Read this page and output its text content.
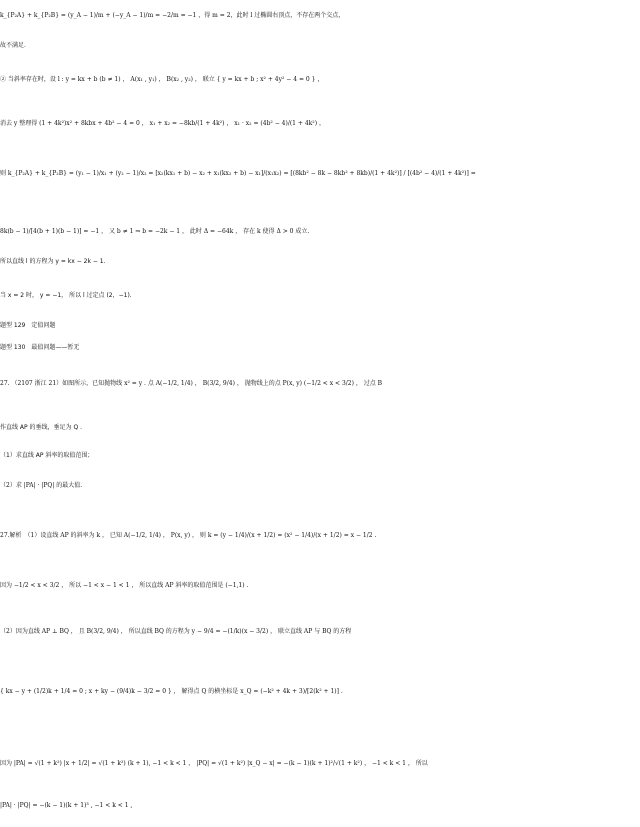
k_{P₂A} + k_{P₂B} = (y_A − 1)/m + (−y_A − 1)/m = −2/m = −1 ，得 m = 2，此时 l 过椭圆右顶点，不存在两个交点，
故不满足.
② 当斜率存在时，设 l : y = kx + b (b ≠ 1) ， A(x₁ , y₁) ， B(x₂ , y₂) ， 联立 { y = kx + b ; x² + 4y² − 4 = 0 } ，
消去 y 整理得 (1 + 4k²)x² + 8kbx + 4b² − 4 = 0 ， x₁ + x₂ = −8kb/(1 + 4k²) ， x₁ · x₂ = (4b² − 4)/(1 + 4k²) ，
则 k_{P₂A} + k_{P₂B} = (y₁ − 1)/x₁ + (y₂ − 1)/x₂ = [x₂(kx₁ + b) − x₂ + x₁(kx₂ + b) − x₁]/(x₁x₂) = [(8kb² − 8k − 8kb² + 8kb)/(1 + 4k²)] / [(4b² − 4)/(1 + 4k²)] =
8k(b − 1)/[4(b + 1)(b − 1)] = −1 ， 又 b ≠ 1 ⇒ b = −2k − 1 ， 此时 Δ = −64k ， 存在 k 使得 Δ > 0 成立.
所以直线 l 的方程为 y = kx − 2k − 1.
当 x = 2 时， y = −1， 所以 l 过定点 (2，−1).
题型 129　定值问题
题型 130　最值问题——暂无
27. （2107 浙江 21）如图所示，已知抛物线 x² = y . 点 A(−1/2, 1/4) ， B(3/2, 9/4) ， 抛物线上的点 P(x, y) (−1/2 < x < 3/2) ， 过点 B
作直线 AP 的垂线，垂足为 Q .
（1）求直线 AP 斜率的取值范围；
（2）求 |PA| · |PQ| 的最大值.
27.解析　（1）设直线 AP 的斜率为 k ， 已知 A(−1/2, 1/4) ， P(x, y) ， 则 k = (y − 1/4)/(x + 1/2) = (x² − 1/4)/(x + 1/2) = x − 1/2 .
因为 −1/2 < x < 3/2 ， 所以 −1 < x − 1 < 1 ， 所以直线 AP 斜率的取值范围是 (−1,1) .
（2）因为直线 AP ⊥ BQ ， 且 B(3/2, 9/4) ， 所以直线 BQ 的方程为 y − 9/4 = −(1/k)(x − 3/2) ， 联立直线 AP 与 BQ 的方程
{ kx − y + (1/2)k + 1/4 = 0 ; x + ky − (9/4)k − 3/2 = 0 } ， 解得点 Q 的横坐标是 x_Q = (−k² + 4k + 3)/[2(k² + 1)] .
因为 |PA| = √(1 + k²) |x + 1/2| = √(1 + k²) (k + 1), −1 < k < 1 ， |PQ| = √(1 + k²) |x_Q − x| = −(k − 1)(k + 1)²/√(1 + k²) ， −1 < k < 1 ， 所以
|PA| · |PQ| = −(k − 1)(k + 1)³ , −1 < k < 1 ,
